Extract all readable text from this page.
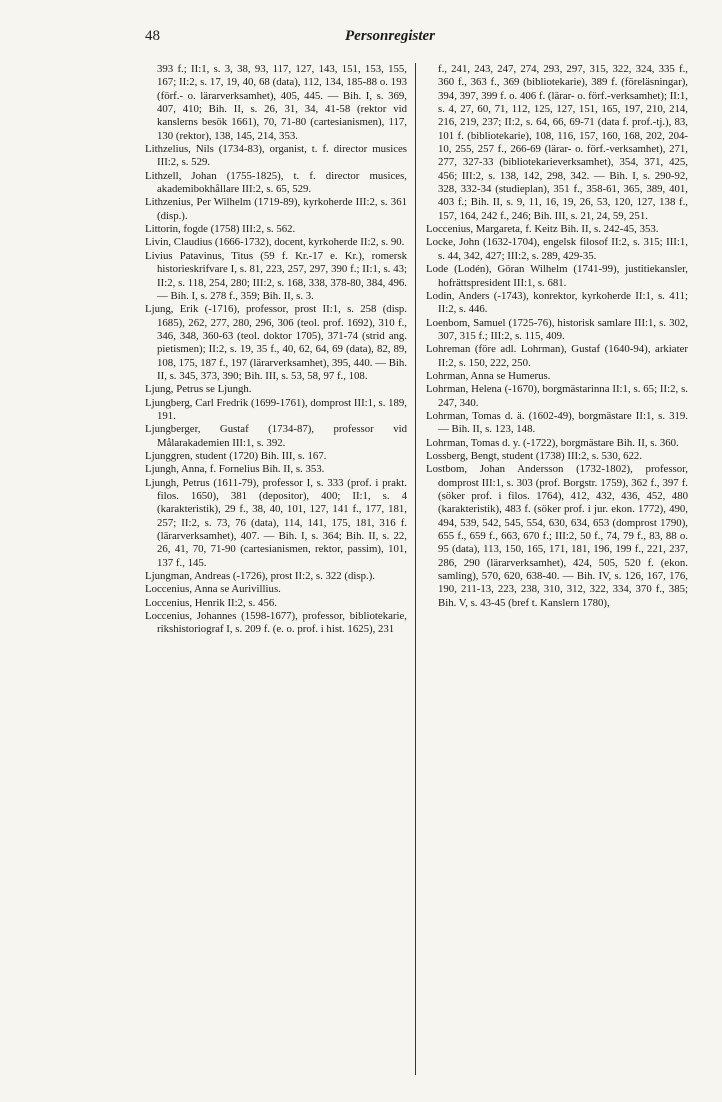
48	Personregister

393 f.; II:1, s. 3, 38, 93, 117, 127, 143, 151, 153, 155, 167; II:2, s. 17, 19, 40, 68 (data), 112, 134, 185-88 o. 193 (förf.- o. lärarverksamhet), 405, 445. — Bih. I, s. 369, 407, 410; Bih. II, s. 26, 31, 34, 41-58 (rektor vid kanslerns besök 1661), 70, 71-80 (cartesianismen), 117, 130 (rektor), 138, 145, 214, 353.

Lithzelius, Nils (1734-83), organist, t. f. director musices III:2, s. 529.

Lithzell, Johan (1755-1825), t. f. director musices, akademibokhållare III:2, s. 65, 529.

Lithzenius, Per Wilhelm (1719-89), kyrkoherde III:2, s. 361 (disp.).

Littorin, fogde (1758) III:2, s. 562.

Livin, Claudius (1666-1732), docent, kyrkoherde II:2, s. 90.

Livius Patavinus, Titus (59 f. Kr.-17 e. Kr.), romersk historieskrifvare I, s. 81, 223, 257, 297, 390 f.; II:1, s. 43; II:2, s. 118, 254, 280; III:2, s. 168, 338, 378-80, 384, 496. — Bih. I, s. 278 f., 359; Bih. II, s. 3.

Ljung, Erik (-1716), professor, prost II:1, s. 258 (disp. 1685), 262, 277, 280, 296, 306 (teol. prof. 1692), 310 f., 346, 348, 360-63 (teol. doktor 1705), 371-74 (strid ang. pietismen); II:2, s. 19, 35 f., 40, 62, 64, 69 (data), 82, 89, 108, 175, 187 f., 197 (lärarverksamhet), 395, 440. — Bih. II, s. 345, 373, 390; Bih. III, s. 53, 58, 97 f., 108.

Ljung, Petrus se Ljungh.

Ljungberg, Carl Fredrik (1699-1761), domprost III:1, s. 189, 191.

Ljungberger, Gustaf (1734-87), professor vid Målarakademien III:1, s. 392.

Ljunggren, student (1720) Bih. III, s. 167.

Ljungh, Anna, f. Fornelius Bih. II, s. 353.

Ljungh, Petrus (1611-79), professor I, s. 333 (prof. i prakt. filos. 1650), 381 (depositor), 400; II:1, s. 4 (karakteristik), 29 f., 38, 40, 101, 127, 141 f., 177, 181, 257; II:2, s. 73, 76 (data), 114, 141, 175, 181, 316 f. (lärarverksamhet), 407. — Bih. I, s. 364; Bih. II, s. 22, 26, 41, 70, 71-90 (cartesianismen, rektor, passim), 101, 137 f., 145.

Ljungman, Andreas (-1726), prost II:2, s. 322 (disp.).

Loccenius, Anna se Aurivillius.

Loccenius, Henrik II:2, s. 456.

Loccenius, Johannes (1598-1677), professor, bibliotekarie, rikshistoriograf I, s. 209 f. (e. o. prof. i hist. 1625), 231

f., 241, 243, 247, 274, 293, 297, 315, 322, 324, 335 f., 360 f., 363 f., 369 (bibliotekarie), 389 f. (föreläsningar), 394, 397, 399 f. o. 406 f. (lärar- o. förf.-verksamhet); II:1, s. 4, 27, 60, 71, 112, 125, 127, 151, 165, 197, 210, 214, 216, 219, 237; II:2, s. 64, 66, 69-71 (data f. prof.-tj.), 83, 101 f. (bibliotekarie), 108, 116, 157, 160, 168, 202, 204-10, 255, 257 f., 266-69 (lärar- o. förf.-verksamhet), 271, 277, 327-33 (bibliotekarieverksamhet), 354, 371, 425, 456; III:2, s. 138, 142, 298, 342. — Bih. I, s. 290-92, 328, 332-34 (studieplan), 351 f., 358-61, 365, 389, 401, 403 f.; Bih. II, s. 9, 11, 16, 19, 26, 53, 120, 127, 138 f., 157, 164, 242 f., 246; Bih. III, s. 21, 24, 59, 251.

Loccenius, Margareta, f. Keitz Bih. II, s. 242-45, 353.

Locke, John (1632-1704), engelsk filosof II:2, s. 315; III:1, s. 44, 342, 427; III:2, s. 289, 429-35.

Lode (Lodén), Göran Wilhelm (1741-99), justitiekansler, hofrättspresident III:1, s. 681.

Lodin, Anders (-1743), konrektor, kyrkoherde II:1, s. 411; II:2, s. 446.

Loenbom, Samuel (1725-76), historisk samlare III:1, s. 302, 307, 315 f.; III:2, s. 115, 409.

Lohreman (före adl. Lohrman), Gustaf (1640-94), arkiater II:2, s. 150, 222, 250.

Lohrman, Anna se Humerus.

Lohrman, Helena (-1670), borgmästarinna II:1, s. 65; II:2, s. 247, 340.

Lohrman, Tomas d. ä. (1602-49), borgmästare II:1, s. 319. — Bih. II, s. 123, 148.

Lohrman, Tomas d. y. (-1722), borgmästare Bih. II, s. 360.

Lossberg, Bengt, student (1738) III:2, s. 530, 622.

Lostbom, Johan Andersson (1732-1802), professor, domprost III:1, s. 303 (prof. Borgstr. 1759), 362 f., 397 f. (söker prof. i filos. 1764), 412, 432, 436, 452, 480 (karakteristik), 483 f. (söker prof. i jur. ekon. 1772), 490, 494, 539, 542, 545, 554, 630, 634, 653 (domprost 1790), 655 f., 659 f., 663, 670 f.; III:2, 50 f., 74, 79 f., 83, 88 o. 95 (data), 113, 150, 165, 171, 181, 196, 199 f., 221, 237, 286, 290 (lärarverksamhet), 424, 505, 520 f. (ekon. samling), 570, 620, 638-40. — Bih. IV, s. 126, 167, 176, 190, 211-13, 223, 238, 310, 312, 322, 334, 370 f., 385; Bih. V, s. 43-45 (bref t. Kanslern 1780),
